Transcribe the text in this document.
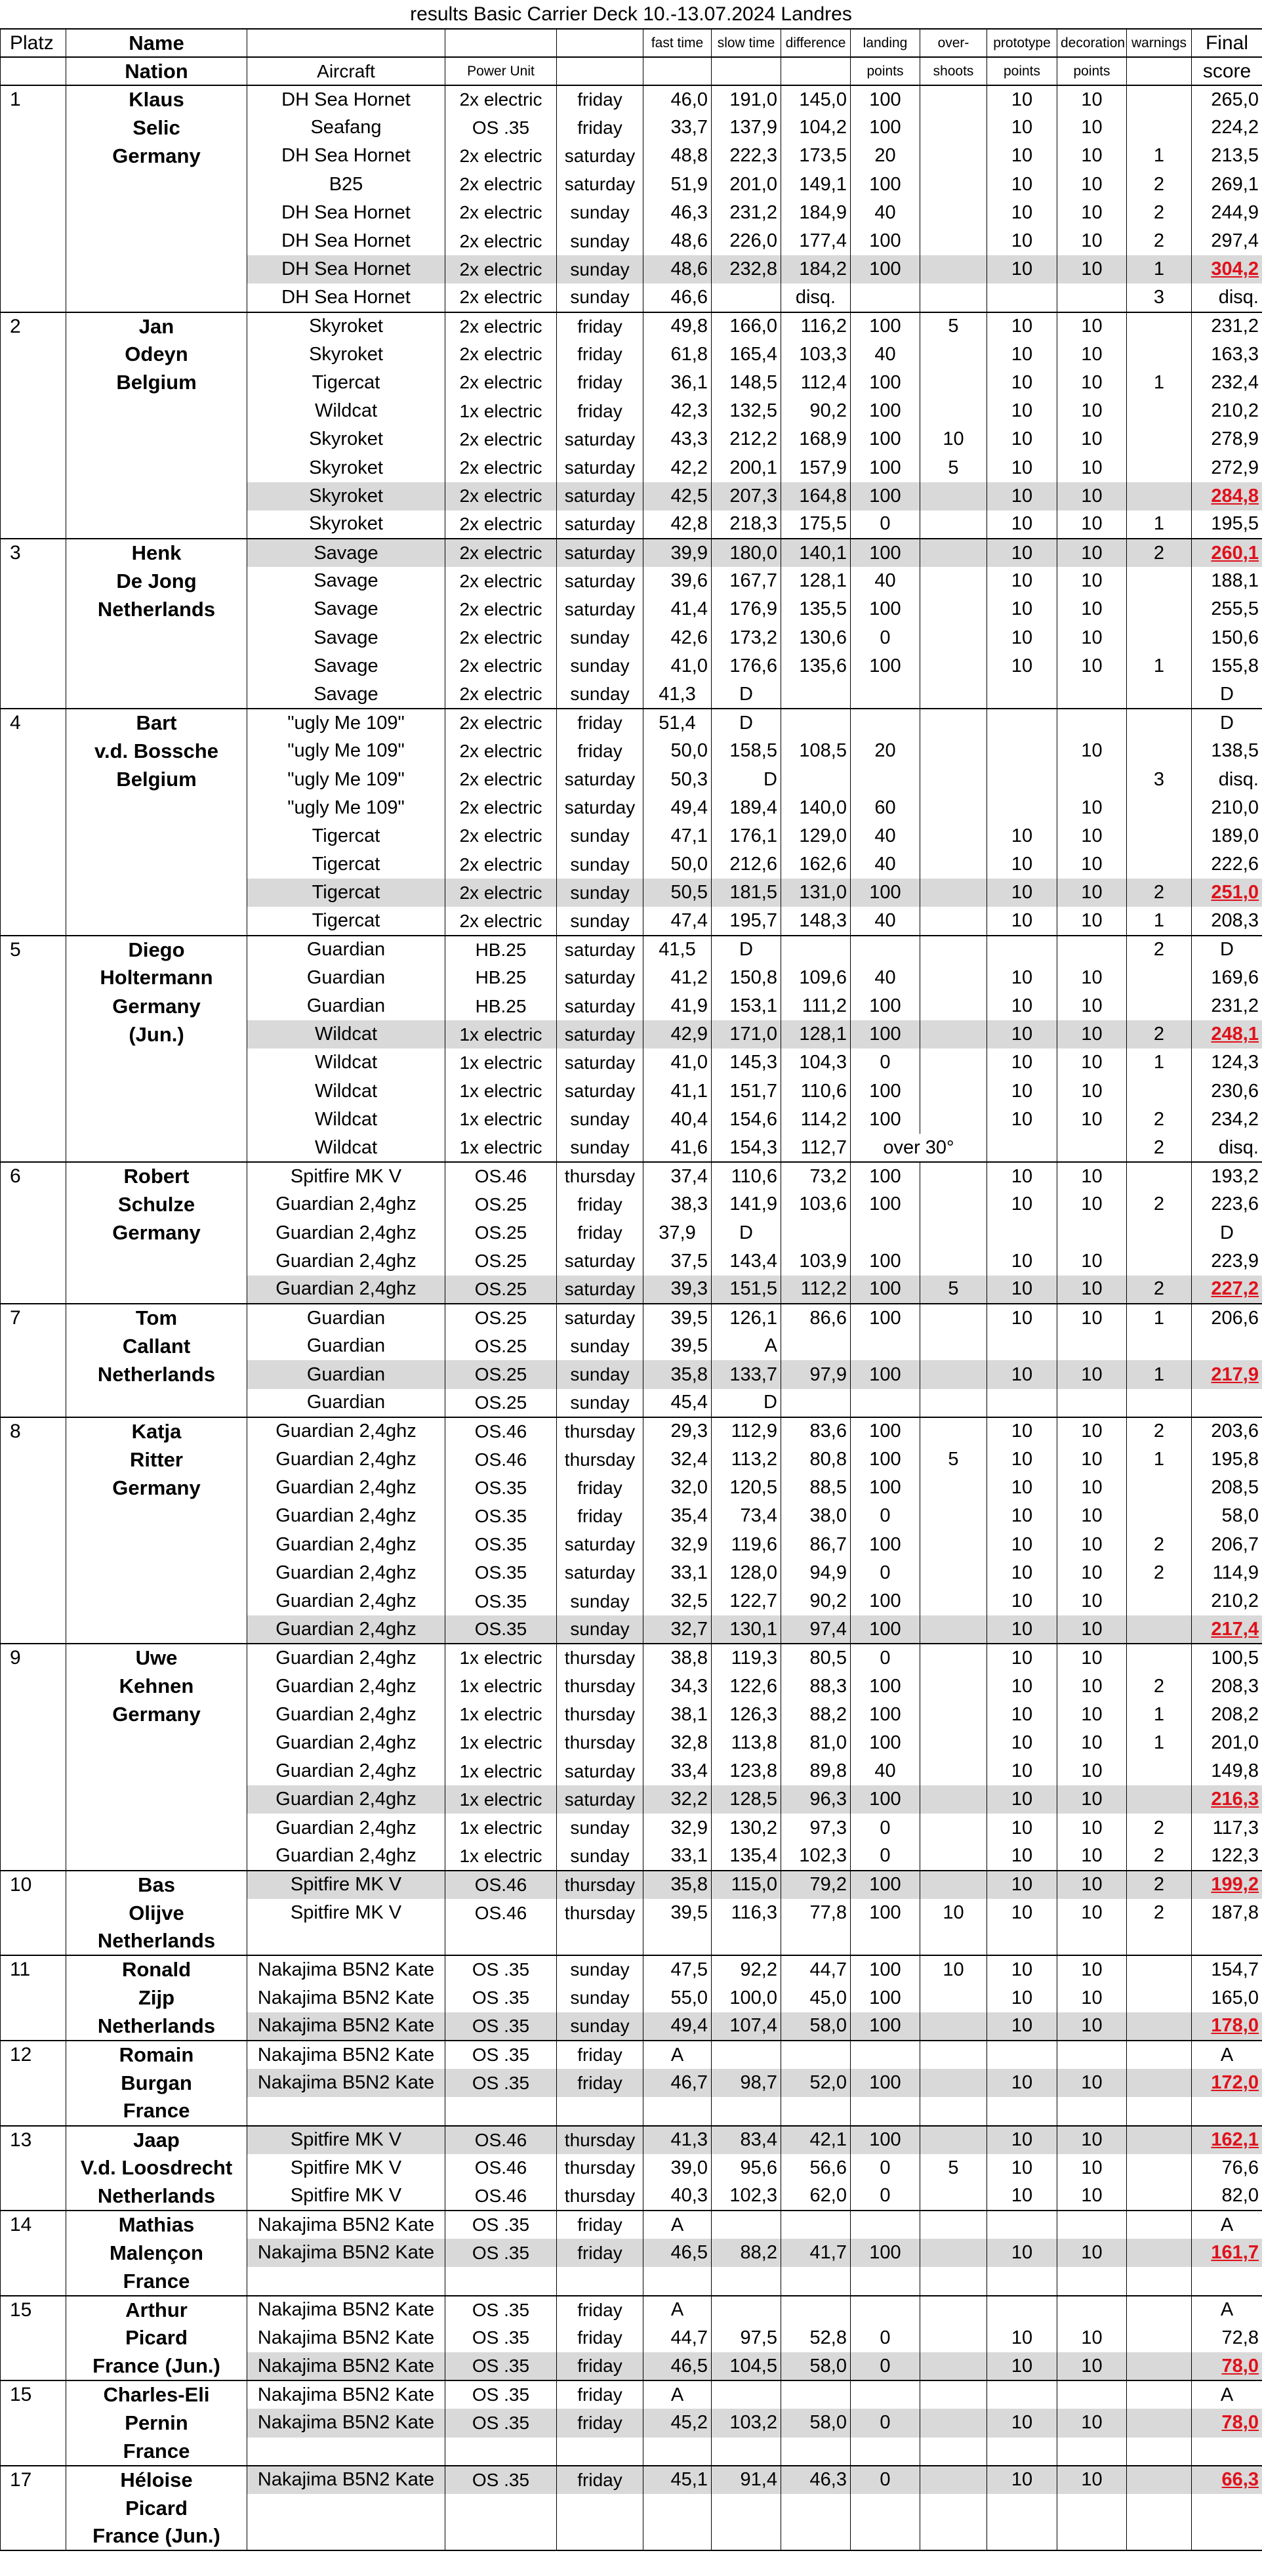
results Basic Carrier Deck 10.-13.07.2024 Landres
Platz	Name				fast time	slow time	difference	landing	over-	prototype	decoration	warnings	Final
	Nation	Aircraft	Power Unit					points	shoots	points	points		score
1	Klaus	DH Sea Hornet	2x electric	friday	46,0	191,0	145,0	100		10	10		265,0
	Selic	Seafang	OS .35	friday	33,7	137,9	104,2	100		10	10		224,2
	Germany	DH Sea Hornet	2x electric	saturday	48,8	222,3	173,5	20		10	10	1	213,5
		B25	2x electric	saturday	51,9	201,0	149,1	100		10	10	2	269,1
		DH Sea Hornet	2x electric	sunday	46,3	231,2	184,9	40		10	10	2	244,9
		DH Sea Hornet	2x electric	sunday	48,6	226,0	177,4	100		10	10	2	297,4
		DH Sea Hornet	2x electric	sunday	48,6	232,8	184,2	100		10	10	1	304,2
		DH Sea Hornet	2x electric	sunday	46,6		disq.					3	disq.
2	Jan	Skyroket	2x electric	friday	49,8	166,0	116,2	100	5	10	10		231,2
	Odeyn	Skyroket	2x electric	friday	61,8	165,4	103,3	40		10	10		163,3
	Belgium	Tigercat	2x electric	friday	36,1	148,5	112,4	100		10	10	1	232,4
		Wildcat	1x electric	friday	42,3	132,5	90,2	100		10	10		210,2
		Skyroket	2x electric	saturday	43,3	212,2	168,9	100	10	10	10		278,9
		Skyroket	2x electric	saturday	42,2	200,1	157,9	100	5	10	10		272,9
		Skyroket	2x electric	saturday	42,5	207,3	164,8	100		10	10		284,8
		Skyroket	2x electric	saturday	42,8	218,3	175,5	0		10	10	1	195,5
3	Henk	Savage	2x electric	saturday	39,9	180,0	140,1	100		10	10	2	260,1
	De Jong	Savage	2x electric	saturday	39,6	167,7	128,1	40		10	10		188,1
	Netherlands	Savage	2x electric	saturday	41,4	176,9	135,5	100		10	10		255,5
		Savage	2x electric	sunday	42,6	173,2	130,6	0		10	10		150,6
		Savage	2x electric	sunday	41,0	176,6	135,6	100		10	10	1	155,8
		Savage	2x electric	sunday	41,3	D							D
4	Bart	"ugly Me 109"	2x electric	friday	51,4	D							D
	v.d. Bossche	"ugly Me 109"	2x electric	friday	50,0	158,5	108,5	20			10		138,5
	Belgium	"ugly Me 109"	2x electric	saturday	50,3	D						3	disq.
		"ugly Me 109"	2x electric	saturday	49,4	189,4	140,0	60			10		210,0
		Tigercat	2x electric	sunday	47,1	176,1	129,0	40		10	10		189,0
		Tigercat	2x electric	sunday	50,0	212,6	162,6	40		10	10		222,6
		Tigercat	2x electric	sunday	50,5	181,5	131,0	100		10	10	2	251,0
		Tigercat	2x electric	sunday	47,4	195,7	148,3	40		10	10	1	208,3
5	Diego	Guardian	HB.25	saturday	41,5	D						2	D
	Holtermann	Guardian	HB.25	saturday	41,2	150,8	109,6	40		10	10		169,6
	Germany	Guardian	HB.25	saturday	41,9	153,1	111,2	100		10	10		231,2
	(Jun.)	Wildcat	1x electric	saturday	42,9	171,0	128,1	100		10	10	2	248,1
		Wildcat	1x electric	saturday	41,0	145,3	104,3	0		10	10	1	124,3
		Wildcat	1x electric	saturday	41,1	151,7	110,6	100		10	10		230,6
		Wildcat	1x electric	sunday	40,4	154,6	114,2	100		10	10	2	234,2
		Wildcat	1x electric	sunday	41,6	154,3	112,7	over 30°				2	disq.
6	Robert	Spitfire MK V	OS.46	thursday	37,4	110,6	73,2	100		10	10		193,2
	Schulze	Guardian 2,4ghz	OS.25	friday	38,3	141,9	103,6	100		10	10	2	223,6
	Germany	Guardian 2,4ghz	OS.25	friday	37,9	D							D
		Guardian 2,4ghz	OS.25	saturday	37,5	143,4	103,9	100		10	10		223,9
		Guardian 2,4ghz	OS.25	saturday	39,3	151,5	112,2	100	5	10	10	2	227,2
7	Tom	Guardian	OS.25	saturday	39,5	126,1	86,6	100		10	10	1	206,6
	Callant	Guardian	OS.25	sunday	39,5	A							
	Netherlands	Guardian	OS.25	sunday	35,8	133,7	97,9	100		10	10	1	217,9
		Guardian	OS.25	sunday	45,4	D							
8	Katja	Guardian 2,4ghz	OS.46	thursday	29,3	112,9	83,6	100		10	10	2	203,6
	Ritter	Guardian 2,4ghz	OS.46	thursday	32,4	113,2	80,8	100	5	10	10	1	195,8
	Germany	Guardian 2,4ghz	OS.35	friday	32,0	120,5	88,5	100		10	10		208,5
		Guardian 2,4ghz	OS.35	friday	35,4	73,4	38,0	0		10	10		58,0
		Guardian 2,4ghz	OS.35	saturday	32,9	119,6	86,7	100		10	10	2	206,7
		Guardian 2,4ghz	OS.35	saturday	33,1	128,0	94,9	0		10	10	2	114,9
		Guardian 2,4ghz	OS.35	sunday	32,5	122,7	90,2	100		10	10		210,2
		Guardian 2,4ghz	OS.35	sunday	32,7	130,1	97,4	100		10	10		217,4
9	Uwe	Guardian 2,4ghz	1x electric	thursday	38,8	119,3	80,5	0		10	10		100,5
	Kehnen	Guardian 2,4ghz	1x electric	thursday	34,3	122,6	88,3	100		10	10	2	208,3
	Germany	Guardian 2,4ghz	1x electric	thursday	38,1	126,3	88,2	100		10	10	1	208,2
		Guardian 2,4ghz	1x electric	thursday	32,8	113,8	81,0	100		10	10	1	201,0
		Guardian 2,4ghz	1x electric	saturday	33,4	123,8	89,8	40		10	10		149,8
		Guardian 2,4ghz	1x electric	saturday	32,2	128,5	96,3	100		10	10		216,3
		Guardian 2,4ghz	1x electric	sunday	32,9	130,2	97,3	0		10	10	2	117,3
		Guardian 2,4ghz	1x electric	sunday	33,1	135,4	102,3	0		10	10	2	122,3
10	Bas	Spitfire MK V	OS.46	thursday	35,8	115,0	79,2	100		10	10	2	199,2
	Olijve	Spitfire MK V	OS.46	thursday	39,5	116,3	77,8	100	10	10	10	2	187,8
	Netherlands												
11	Ronald	Nakajima B5N2 Kate	OS .35	sunday	47,5	92,2	44,7	100	10	10	10		154,7
	Zijp	Nakajima B5N2 Kate	OS .35	sunday	55,0	100,0	45,0	100		10	10		165,0
	Netherlands	Nakajima B5N2 Kate	OS .35	sunday	49,4	107,4	58,0	100		10	10		178,0
12	Romain	Nakajima B5N2 Kate	OS .35	friday	A								A
	Burgan	Nakajima B5N2 Kate	OS .35	friday	46,7	98,7	52,0	100		10	10		172,0
	France												
13	Jaap	Spitfire MK V	OS.46	thursday	41,3	83,4	42,1	100		10	10		162,1
	V.d. Loosdrecht	Spitfire MK V	OS.46	thursday	39,0	95,6	56,6	0	5	10	10		76,6
	Netherlands	Spitfire MK V	OS.46	thursday	40,3	102,3	62,0	0		10	10		82,0
14	Mathias	Nakajima B5N2 Kate	OS .35	friday	A								A
	Malençon	Nakajima B5N2 Kate	OS .35	friday	46,5	88,2	41,7	100		10	10		161,7
	France												
15	Arthur	Nakajima B5N2 Kate	OS .35	friday	A								A
	Picard	Nakajima B5N2 Kate	OS .35	friday	44,7	97,5	52,8	0		10	10		72,8
	France (Jun.)	Nakajima B5N2 Kate	OS .35	friday	46,5	104,5	58,0	0		10	10		78,0
15	Charles-Eli	Nakajima B5N2 Kate	OS .35	friday	A								A
	Pernin	Nakajima B5N2 Kate	OS .35	friday	45,2	103,2	58,0	0		10	10		78,0
	France												
17	Héloise	Nakajima B5N2 Kate	OS .35	friday	45,1	91,4	46,3	0		10	10		66,3
	Picard												
	France (Jun.)												
